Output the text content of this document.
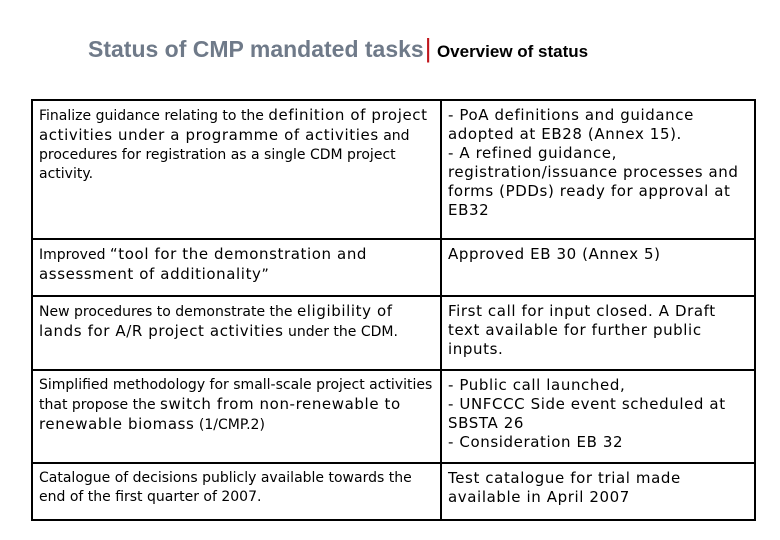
Status of CMP mandated tasks| Overview of status
Finalize guidance relating to the definition of project activities under a programme of activities and procedures for registration as a single CDM project activity.	- PoA definitions and guidance adopted at EB28 (Annex 15).
- A refined guidance, registration/issuance processes and forms (PDDs) ready for approval at EB32
Improved “tool for the demonstration and assessment of additionality”	Approved EB 30 (Annex 5)
New procedures to demonstrate the eligibility of lands for A/R project activities under the CDM.	First call for input closed. A Draft text available for further public inputs.
Simplified methodology for small-scale project activities that propose the switch from non-renewable to renewable biomass (1/CMP.2)	- Public call launched,
- UNFCCC Side event scheduled at SBSTA 26
- Consideration EB 32
Catalogue of decisions publicly available towards the end of the first quarter of 2007.	Test catalogue for trial made available in April 2007
